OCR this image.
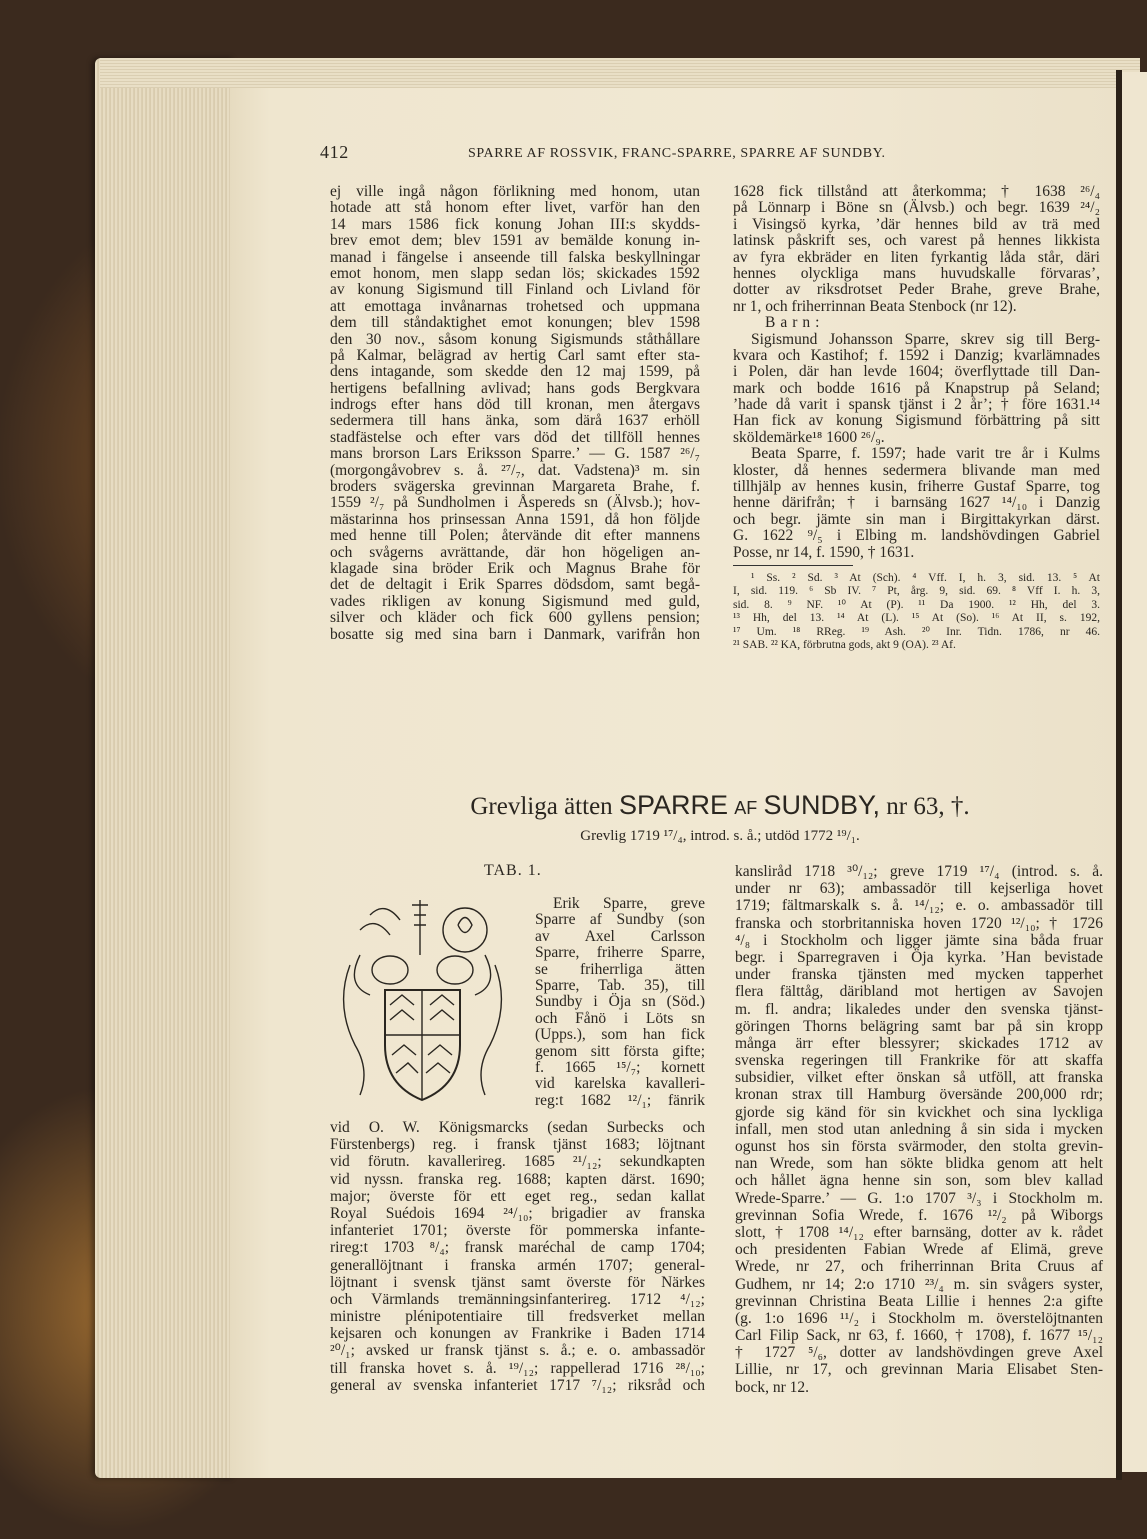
412	SPARRE AF ROSSVIK, FRANC-SPARRE, SPARRE AF SUNDBY.
ej ville ingå någon förlikning med honom, utan
hotade att stå honom efter livet, varför han den
14 mars 1586 fick konung Johan III:s skydds-
brev emot dem; blev 1591 av bemälde konung in-
manad i fängelse i anseende till falska beskyllningar
emot honom, men slapp sedan lös; skickades 1592
av konung Sigismund till Finland och Livland för
att emottaga invånarnas trohetsed och uppmana
dem till ståndaktighet emot konungen; blev 1598
den 30 nov., såsom konung Sigismunds ståthållare
på Kalmar, belägrad av hertig Carl samt efter sta-
dens intagande, som skedde den 12 maj 1599, på
hertigens befallning avlivad; hans gods Bergkvara
indrogs efter hans död till kronan, men återgavs
sedermera till hans änka, som därå 1637 erhöll
stadfästelse och efter vars död det tillföll hennes
mans brorson Lars Eriksson Sparre.’ — G. 1587 ²⁶/₇
(morgongåvobrev s. å. ²⁷/₇, dat. Vadstena)³ m. sin
broders svägerska grevinnan Margareta Brahe, f.
1559 ²/₇ på Sundholmen i Åspereds sn (Älvsb.); hov-
mästarinna hos prinsessan Anna 1591, då hon följde
med henne till Polen; återvände dit efter mannens
och svågerns avrättande, där hon högeligen an-
klagade sina bröder Erik och Magnus Brahe för
det de deltagit i Erik Sparres dödsdom, samt begå-
vades rikligen av konung Sigismund med guld,
silver och kläder och fick 600 gyllens pension;
bosatte sig med sina barn i Danmark, varifrån hon
1628 fick tillstånd att återkomma; † 1638 ²⁶/₄
på Lönnarp i Böne sn (Älvsb.) och begr. 1639 ²⁴/₂
i Visingsö kyrka, ’där hennes bild av trä med
latinsk påskrift ses, och varest på hennes likkista
av fyra ekbräder en liten fyrkantig låda står, däri
hennes olyckliga mans huvudskalle förvaras’,
dotter av riksdrotset Peder Brahe, greve Brahe,
nr 1, och friherrinnan Beata Stenbock (nr 12).
Barn:
Sigismund Johansson Sparre, skrev sig till Berg-
kvara och Kastihof; f. 1592 i Danzig; kvarlämnades
i Polen, där han levde 1604; överflyttade till Dan-
mark och bodde 1616 på Knapstrup på Seland;
’hade då varit i spansk tjänst i 2 år’; † före 1631.¹⁴
Han fick av konung Sigismund förbättring på sitt
sköldemärke¹⁸ 1600 ²⁶/₉.
Beata Sparre, f. 1597; hade varit tre år i Kulms
kloster, då hennes sedermera blivande man med
tillhjälp av hennes kusin, friherre Gustaf Sparre, tog
henne därifrån; † i barnsäng 1627 ¹⁴/₁₀ i Danzig
och begr. jämte sin man i Birgittakyrkan därst.
G. 1622 ⁹/₅ i Elbing m. landshövdingen Gabriel
Posse, nr 14, f. 1590, † 1631.
¹ Ss. ² Sd. ³ At (Sch). ⁴ Vff. I, h. 3, sid. 13. ⁵ At
I, sid. 119. ⁶ Sb IV. ⁷ Pt, årg. 9, sid. 69. ⁸ Vff I. h. 3,
sid. 8. ⁹ NF. ¹⁰ At (P). ¹¹ Da 1900. ¹² Hh, del 3.
¹³ Hh, del 13. ¹⁴ At (L). ¹⁵ At (So). ¹⁶ At II, s. 192,
¹⁷ Um. ¹⁸ RReg. ¹⁹ Ash. ²⁰ Inr. Tidn. 1786, nr 46.
²¹ SAB. ²² KA, förbrutna gods, akt 9 (OA). ²³ Af.
Grevliga ätten SPARRE AF SUNDBY, nr 63, †.
Grevlig 1719 ¹⁷/₄, introd. s. å.; utdöd 1772 ¹⁹/₁.
TAB. 1.
Erik Sparre, greve
Sparre af Sundby (son
av Axel Carlsson
Sparre, friherre Sparre,
se friherrliga ätten
Sparre, Tab. 35), till
Sundby i Öja sn (Söd.)
och Fånö i Löts sn
(Upps.), som han fick
genom sitt första gifte;
f. 1665 ¹⁵/₇; kornett
vid karelska kavalleri-
reg:t 1682 ¹²/₁; fänrik
vid O. W. Königsmarcks (sedan Surbecks och
Fürstenbergs) reg. i fransk tjänst 1683; löjtnant
vid förutn. kavallerireg. 1685 ²¹/₁₂; sekundkapten
vid nyssn. franska reg. 1688; kapten därst. 1690;
major; överste för ett eget reg., sedan kallat
Royal Suédois 1694 ²⁴/₁₀; brigadier av franska
infanteriet 1701; överste för pommerska infante-
rireg:t 1703 ⁸/₄; fransk maréchal de camp 1704;
generallöjtnant i franska armén 1707; general-
löjtnant i svensk tjänst samt överste för Närkes
och Värmlands tremänningsinfanterireg. 1712 ⁴/₁₂;
ministre plénipotentiaire till fredsverket mellan
kejsaren och konungen av Frankrike i Baden 1714
²⁰/₁; avsked ur fransk tjänst s. å.; e. o. ambassadör
till franska hovet s. å. ¹⁹/₁₂; rappellerad 1716 ²⁸/₁₀;
general av svenska infanteriet 1717 ⁷/₁₂; riksråd och
kansliråd 1718 ³⁰/₁₂; greve 1719 ¹⁷/₄ (introd. s. å.
under nr 63); ambassadör till kejserliga hovet
1719; fältmarskalk s. å. ¹⁴/₁₂; e. o. ambassadör till
franska och storbritanniska hoven 1720 ¹²/₁₀; † 1726
⁴/₈ i Stockholm och ligger jämte sina båda fruar
begr. i Sparregraven i Öja kyrka. ’Han bevistade
under franska tjänsten med mycken tapperhet
flera fälttåg, däribland mot hertigen av Savojen
m. fl. andra; likaledes under den svenska tjänst-
göringen Thorns belägring samt bar på sin kropp
många ärr efter blessyrer; skickades 1712 av
svenska regeringen till Frankrike för att skaffa
subsidier, vilket efter önskan så utföll, att franska
kronan strax till Hamburg översände 200,000 rdr;
gjorde sig känd för sin kvickhet och sina lyckliga
infall, men stod utan anledning å sin sida i mycken
ogunst hos sin första svärmoder, den stolta grevin-
nan Wrede, som han sökte blidka genom att helt
och hållet ägna henne sin son, som blev kallad
Wrede-Sparre.’ — G. 1:o 1707 ³/₃ i Stockholm m.
grevinnan Sofia Wrede, f. 1676 ¹²/₂ på Wiborgs
slott, † 1708 ¹⁴/₁₂ efter barnsäng, dotter av k. rådet
och presidenten Fabian Wrede af Elimä, greve
Wrede, nr 27, och friherrinnan Brita Cruus af
Gudhem, nr 14; 2:o 1710 ²³/₄ m. sin svågers syster,
grevinnan Christina Beata Lillie i hennes 2:a gifte
(g. 1:o 1696 ¹¹/₂ i Stockholm m. överstelöjtnanten
Carl Filip Sack, nr 63, f. 1660, † 1708), f. 1677 ¹⁵/₁₂
† 1727 ⁵/₆, dotter av landshövdingen greve Axel
Lillie, nr 17, och grevinnan Maria Elisabet Sten-
bock, nr 12.
